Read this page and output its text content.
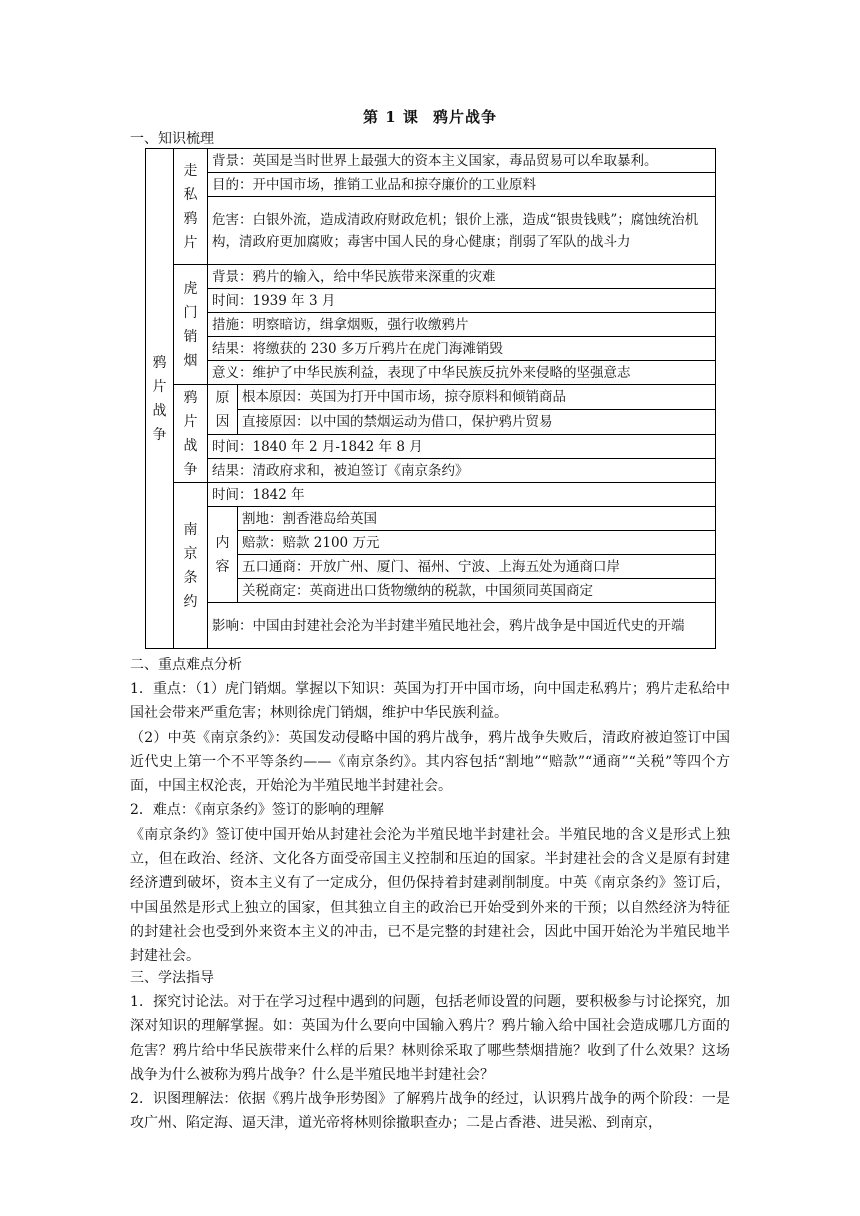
第 1 课 鸦片战争
一、知识梳理
鸦片战争	走私鸦片	背景：英国是当时世界上最强大的资本主义国家，毒品贸易可以牟取暴利。	
		目的：开中国市场，推销工业品和掠夺廉价的工业原料	
		危害：白银外流，造成清政府财政危机；银价上涨，造成“银贵钱贱”；腐蚀统治机构，清政府更加腐败；毒害中国人民的身心健康；削弱了军队的战斗力	
	虎门销烟	背景：鸦片的输入，给中华民族带来深重的灾难	
		时间：1939 年 3 月	
		措施：明察暗访，缉拿烟贩，强行收缴鸦片	
		结果：将缴获的 230 多万斤鸦片在虎门海滩销毁	
		意义：维护了中华民族利益，表现了中华民族反抗外来侵略的坚强意志	
	鸦片战争	原因	根本原因：英国为打开中国市场，掠夺原料和倾销商品
			直接原因：以中国的禁烟运动为借口，保护鸦片贸易
		时间：1840 年 2 月-1842 年 8 月	
		结果：清政府求和，被迫签订《南京条约》	
	南京条约	时间：1842 年	
		内容	割地：割香港岛给英国
			赔款：赔款 2100 万元
			五口通商：开放广州、厦门、福州、宁波、上海五处为通商口岸
			关税商定：英商进出口货物缴纳的税款，中国须同英国商定
		影响：中国由封建社会沦为半封建半殖民地社会，鸦片战争是中国近代史的开端	
二、重点难点分析

1．重点：（1）虎门销烟。掌握以下知识：英国为打开中国市场，向中国走私鸦片；鸦片走私给中国社会带来严重危害；林则徐虎门销烟，维护中华民族利益。

（2）中英《南京条约》：英国发动侵略中国的鸦片战争，鸦片战争失败后，清政府被迫签订中国近代史上第一个不平等条约——《南京条约》。其内容包括“割地”“赔款”“通商”“关税”等四个方面，中国主权沦丧，开始沦为半殖民地半封建社会。

2．难点：《南京条约》签订的影响的理解

《南京条约》签订使中国开始从封建社会沦为半殖民地半封建社会。半殖民地的含义是形式上独立，但在政治、经济、文化各方面受帝国主义控制和压迫的国家。半封建社会的含义是原有封建经济遭到破坏，资本主义有了一定成分，但仍保持着封建剥削制度。中英《南京条约》签订后，中国虽然是形式上独立的国家，但其独立自主的政治已开始受到外来的干预；以自然经济为特征的封建社会也受到外来资本主义的冲击，已不是完整的封建社会，因此中国开始沦为半殖民地半封建社会。

三、学法指导

1．探究讨论法。对于在学习过程中遇到的问题，包括老师设置的问题，要积极参与讨论探究，加深对知识的理解掌握。如：英国为什么要向中国输入鸦片？鸦片输入给中国社会造成哪几方面的危害？鸦片给中华民族带来什么样的后果？林则徐采取了哪些禁烟措施？收到了什么效果？这场战争为什么被称为鸦片战争？什么是半殖民地半封建社会？

2．识图理解法：依据《鸦片战争形势图》了解鸦片战争的经过，认识鸦片战争的两个阶段：一是攻广州、陷定海、逼天津，道光帝将林则徐撤职查办；二是占香港、进吴淞、到南京，
